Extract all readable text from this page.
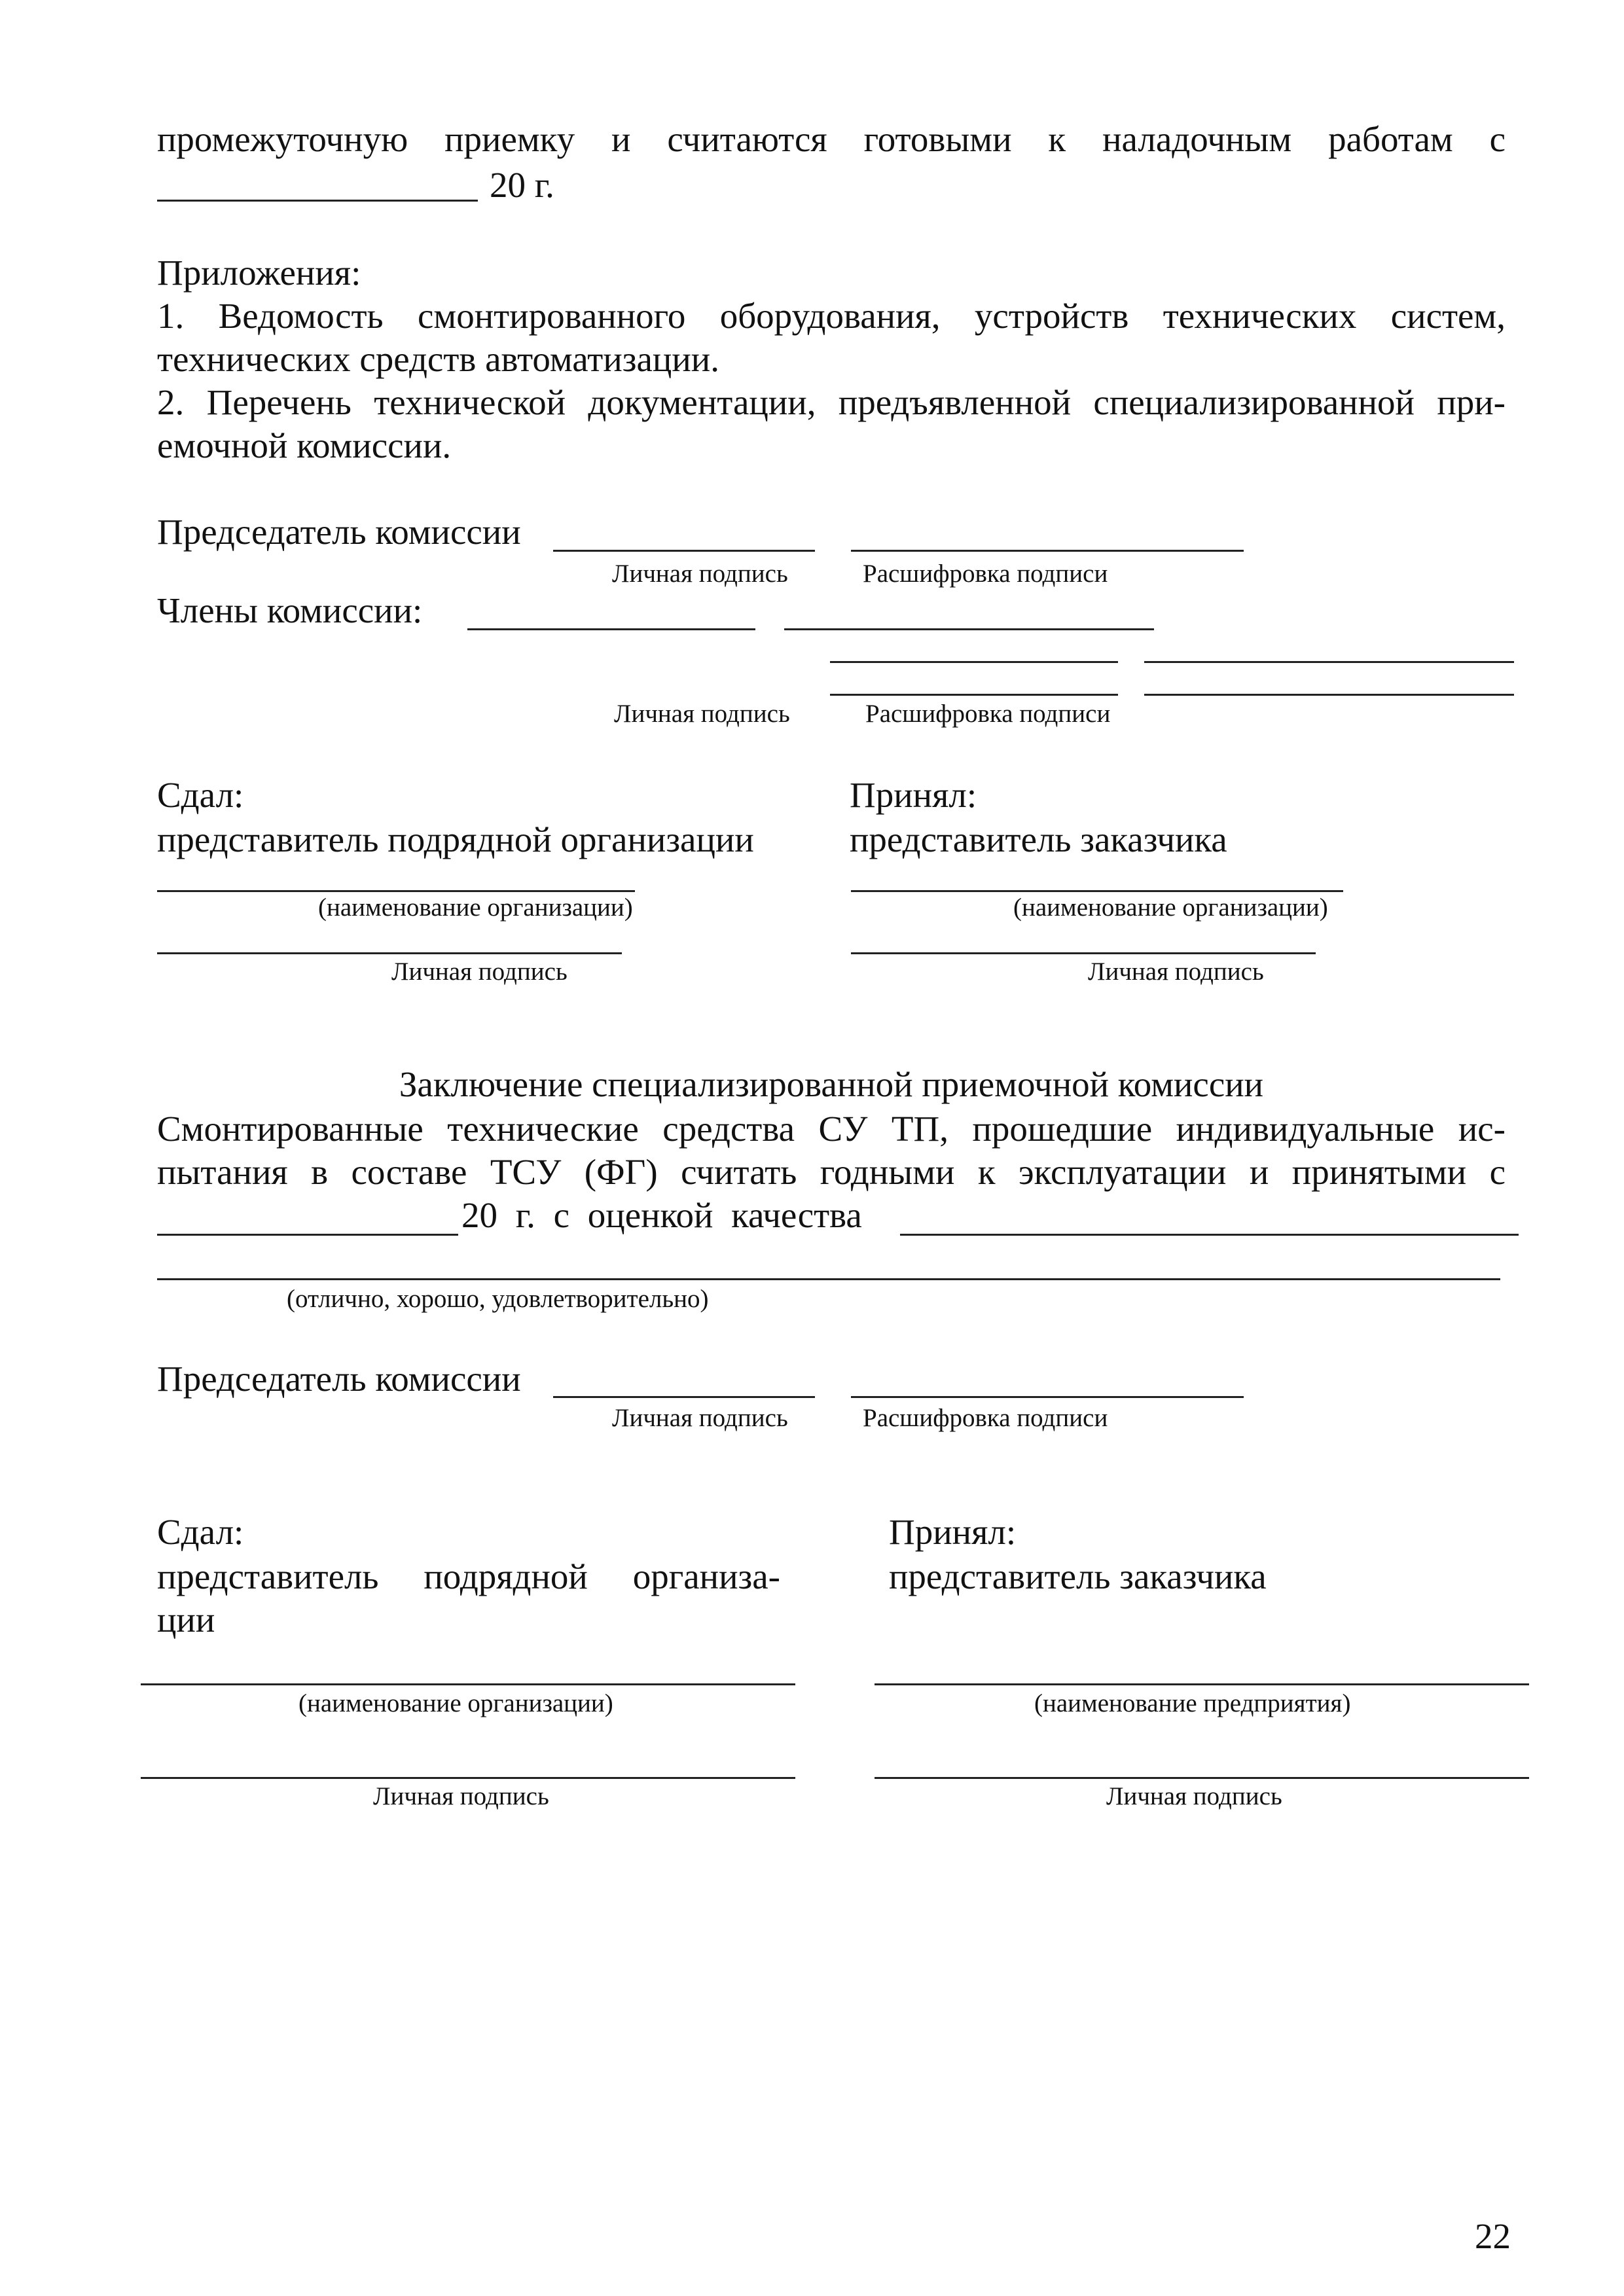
промежуточную приемку и считаются готовыми к наладочным работам с
20 г.
Приложения:
1. Ведомость смонтированного оборудования, устройств технических систем,
технических средств автоматизации.
2. Перечень технической документации, предъявленной специализированной при-
емочной комиссии.
Председатель комиссии
Личная подпись	Расшифровка подписи
Члены комиссии:
Личная подпись	Расшифровка подписи
Сдал:
представитель подрядной организации
(наименование организации)
Личная подпись
Принял:
представитель заказчика
(наименование организации)
Личная подпись
Заключение специализированной приемочной комиссии
Смонтированные технические средства СУ ТП, прошедшие индивидуальные ис-
пытания в составе ТСУ (ФГ) считать годными к эксплуатации и принятыми с
20 г. с оценкой качества
(отлично, хорошо, удовлетворительно)
Председатель комиссии
Личная подпись	Расшифровка подписи
Сдал:
представитель подрядной организа-
ции
(наименование организации)
Личная подпись
Принял:
представитель заказчика
(наименование предприятия)
Личная подпись
22
